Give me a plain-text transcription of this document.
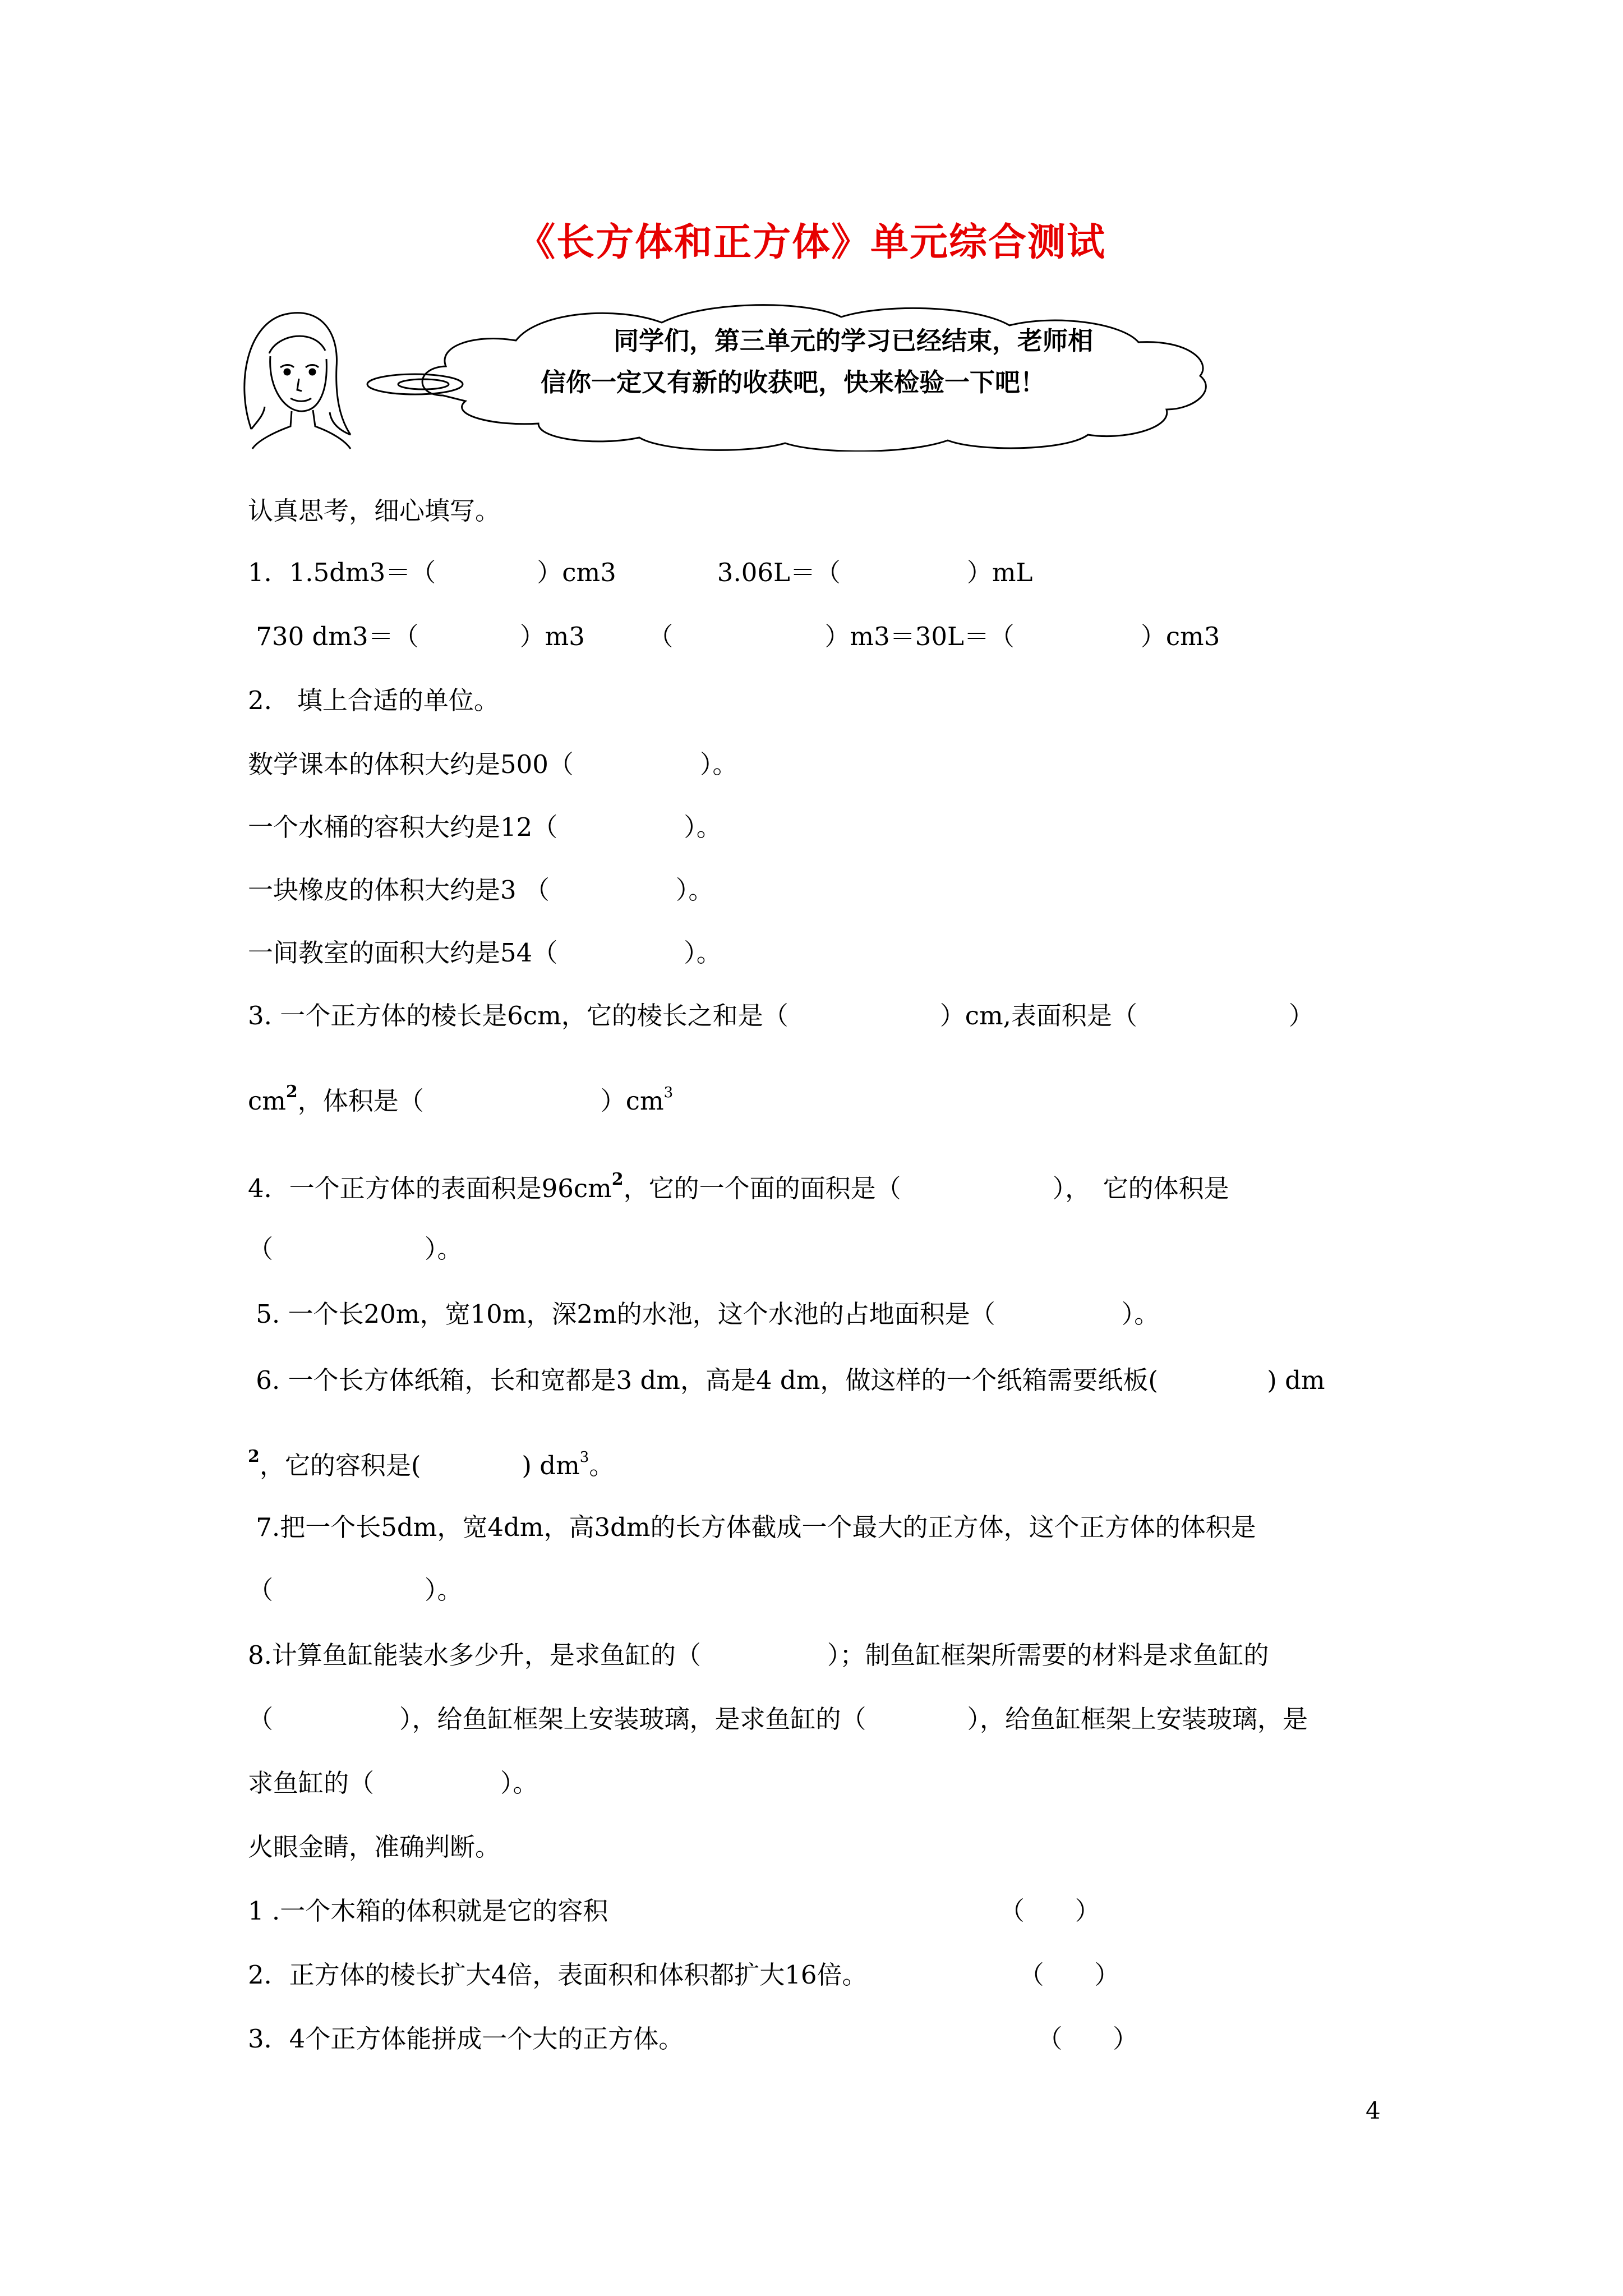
《长方体和正方体》单元综合测试
同学们，第三单元的学习已经结束，老师相
信你一定又有新的收获吧，快来检验一下吧！
认真思考，细心填写。
1．1.5dm3＝（　　　　）cm3　　　　3.06L＝（　　　　　）mL
730 dm3＝（　　　　）m3　　　（　　　　　　）m3＝30L＝（　　　　　）cm3
2.　填上合适的单位。
数学课本的体积大约是500（　　　　　）。
一个水桶的容积大约是12（　　　　　）。
一块橡皮的体积大约是3 （　　　　　）。
一间教室的面积大约是54（　　　　　）。
3. 一个正方体的棱长是6cm，它的棱长之和是（　　　　　　）cm,表面积是（　　　　　　）
$cm^2$，体积是（　　　　　　　）$cm^3$
4．一个正方体的表面积是$96cm^2$，它的一个面的面积是（　　　　　　），　它的体积是
（　　　　　　）。
5. 一个长20m，宽10m，深2m的水池，这个水池的占地面积是（　　　　　）。
6. 一个长方体纸箱，长和宽都是3 dm，高是4 dm，做这样的一个纸箱需要纸板(　　　　 ) dm
$^2$，它的容积是(　　　　) $dm^3$。
7.把一个长5dm，宽4dm，高3dm的长方体截成一个最大的正方体，这个正方体的体积是
（　　　　　　）。
8.计算鱼缸能装水多少升，是求鱼缸的（　　　　　）；制鱼缸框架所需要的材料是求鱼缸的
（　　　　　），给鱼缸框架上安装玻璃，是求鱼缸的（　　　　），给鱼缸框架上安装玻璃，是
求鱼缸的（　　　　　）。
火眼金睛，准确判断。
1 .一个木箱的体积就是它的容积　　　　　　　　　　　　　　　　（　　）
2．正方体的棱长扩大4倍，表面积和体积都扩大16倍。　　　　　　　（　　）
3．4个正方体能拼成一个大的正方体。　　　　　　　　　　　　　　　（　　）
4
